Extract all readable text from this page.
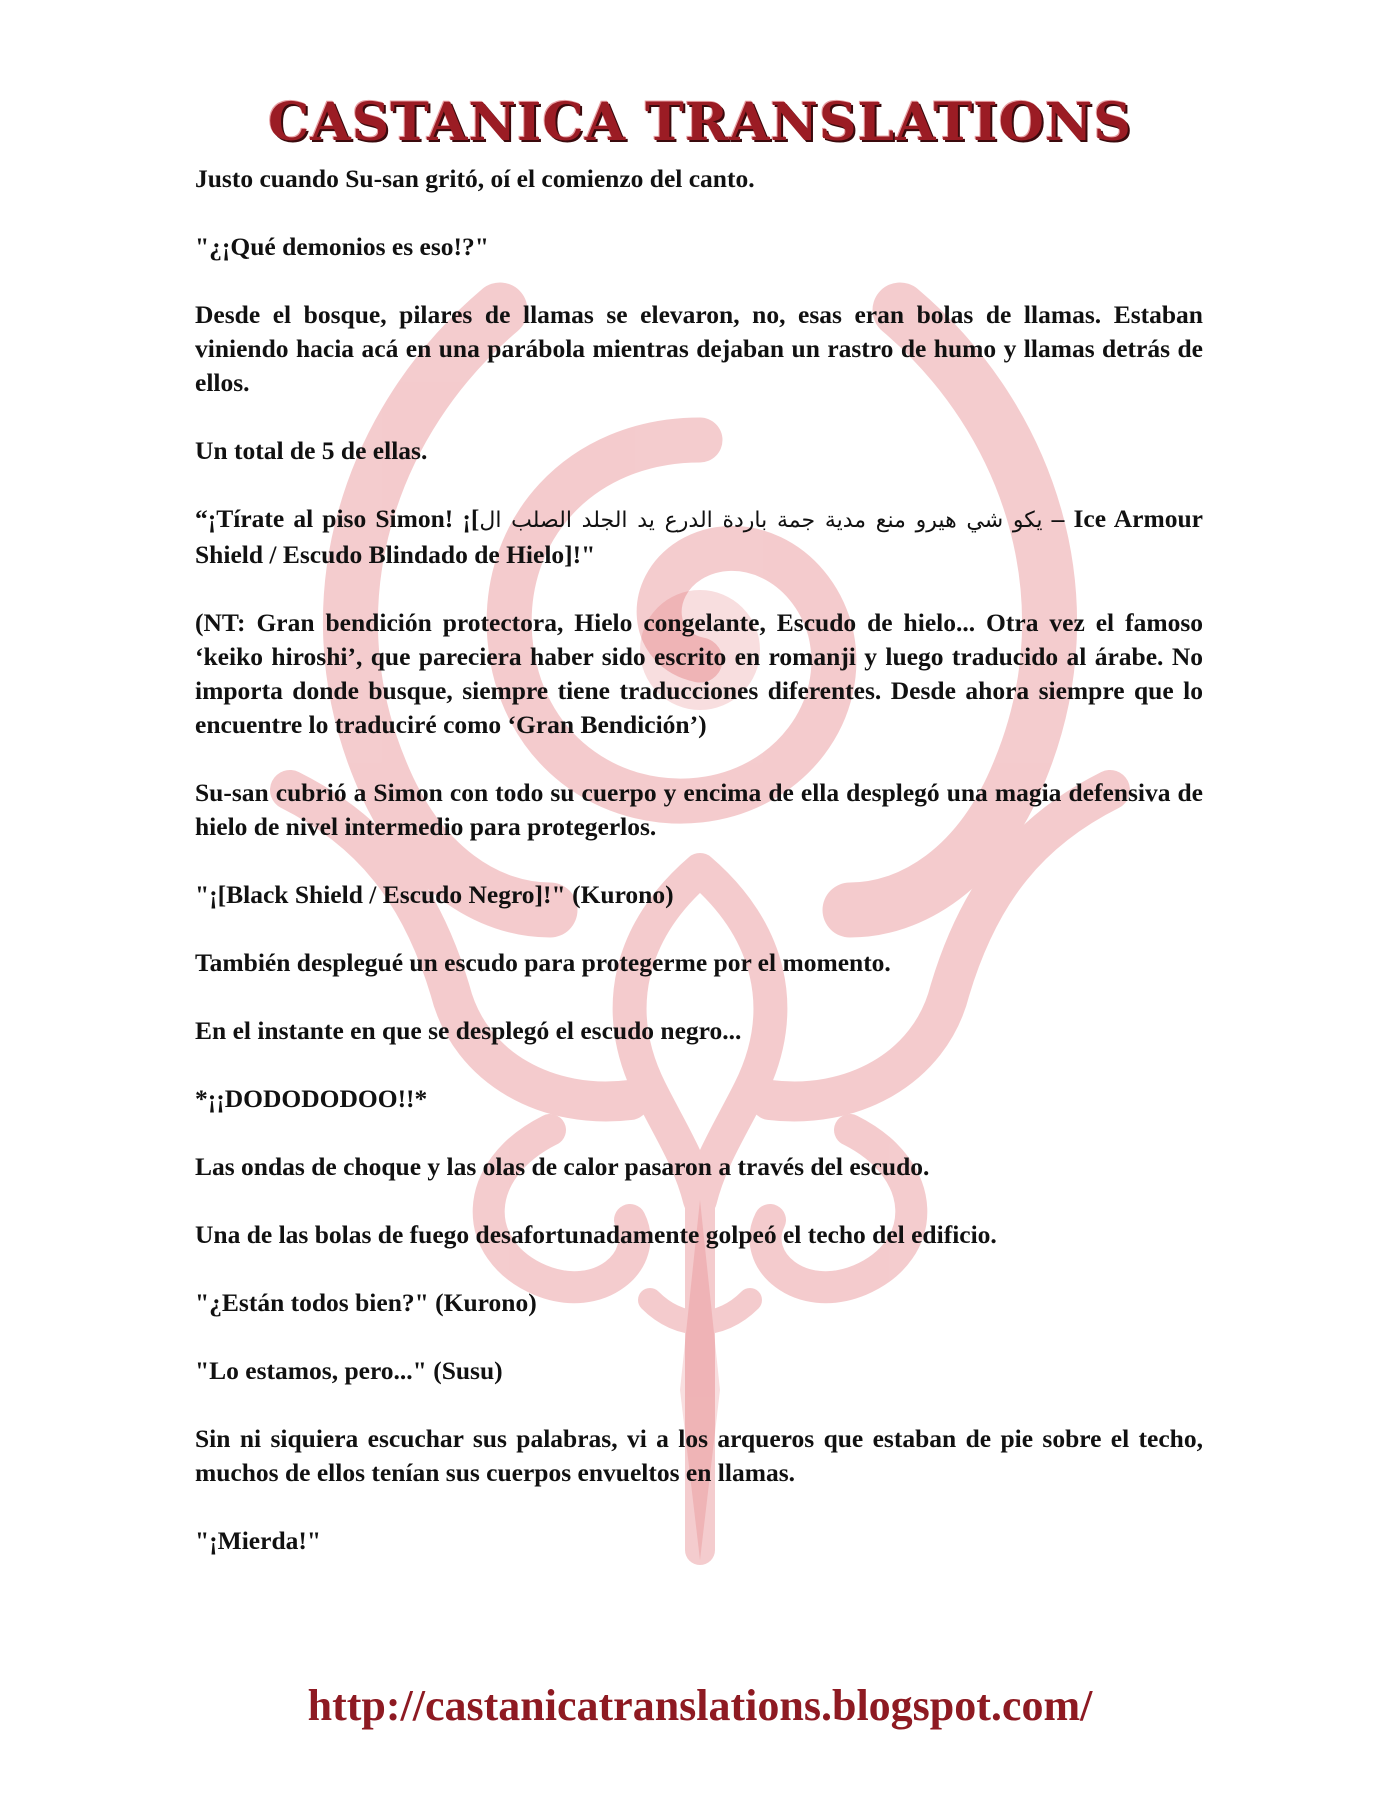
CASTANICA TRANSLATIONS

Justo cuando Su-san gritó, oí el comienzo del canto.

"¿¡Qué demonios es eso!?"

Desde el bosque, pilares de llamas se elevaron, no, esas eran bolas de llamas. Estaban viniendo hacia acá en una parábola mientras dejaban un rastro de humo y llamas detrás de ellos.

Un total de 5 de ellas.

“¡Tírate al piso Simon! ¡[يكو شي هيرو منع مدية جمة باردة الدرع يد الجلد الصلب ال – Ice Armour Shield / Escudo Blindado de Hielo]!"

(NT: Gran bendición protectora, Hielo congelante, Escudo de hielo... Otra vez el famoso ‘keiko hiroshi’, que pareciera haber sido escrito en romanji y luego traducido al árabe. No importa donde busque, siempre tiene traducciones diferentes. Desde ahora siempre que lo encuentre lo traduciré como ‘Gran Bendición’)

Su-san cubrió a Simon con todo su cuerpo y encima de ella desplegó una magia defensiva de hielo de nivel intermedio para protegerlos.

"¡[Black Shield / Escudo Negro]!" (Kurono)

También desplegué un escudo para protegerme por el momento.

En el instante en que se desplegó el escudo negro...

*¡¡DODODODOO!!*

Las ondas de choque y las olas de calor pasaron a través del escudo.

Una de las bolas de fuego desafortunadamente golpeó el techo del edificio.

"¿Están todos bien?" (Kurono)

"Lo estamos, pero..." (Susu)

Sin ni siquiera escuchar sus palabras, vi a los arqueros que estaban de pie sobre el techo, muchos de ellos tenían sus cuerpos envueltos en llamas.

"¡Mierda!"

http://castanicatranslations.blogspot.com/
